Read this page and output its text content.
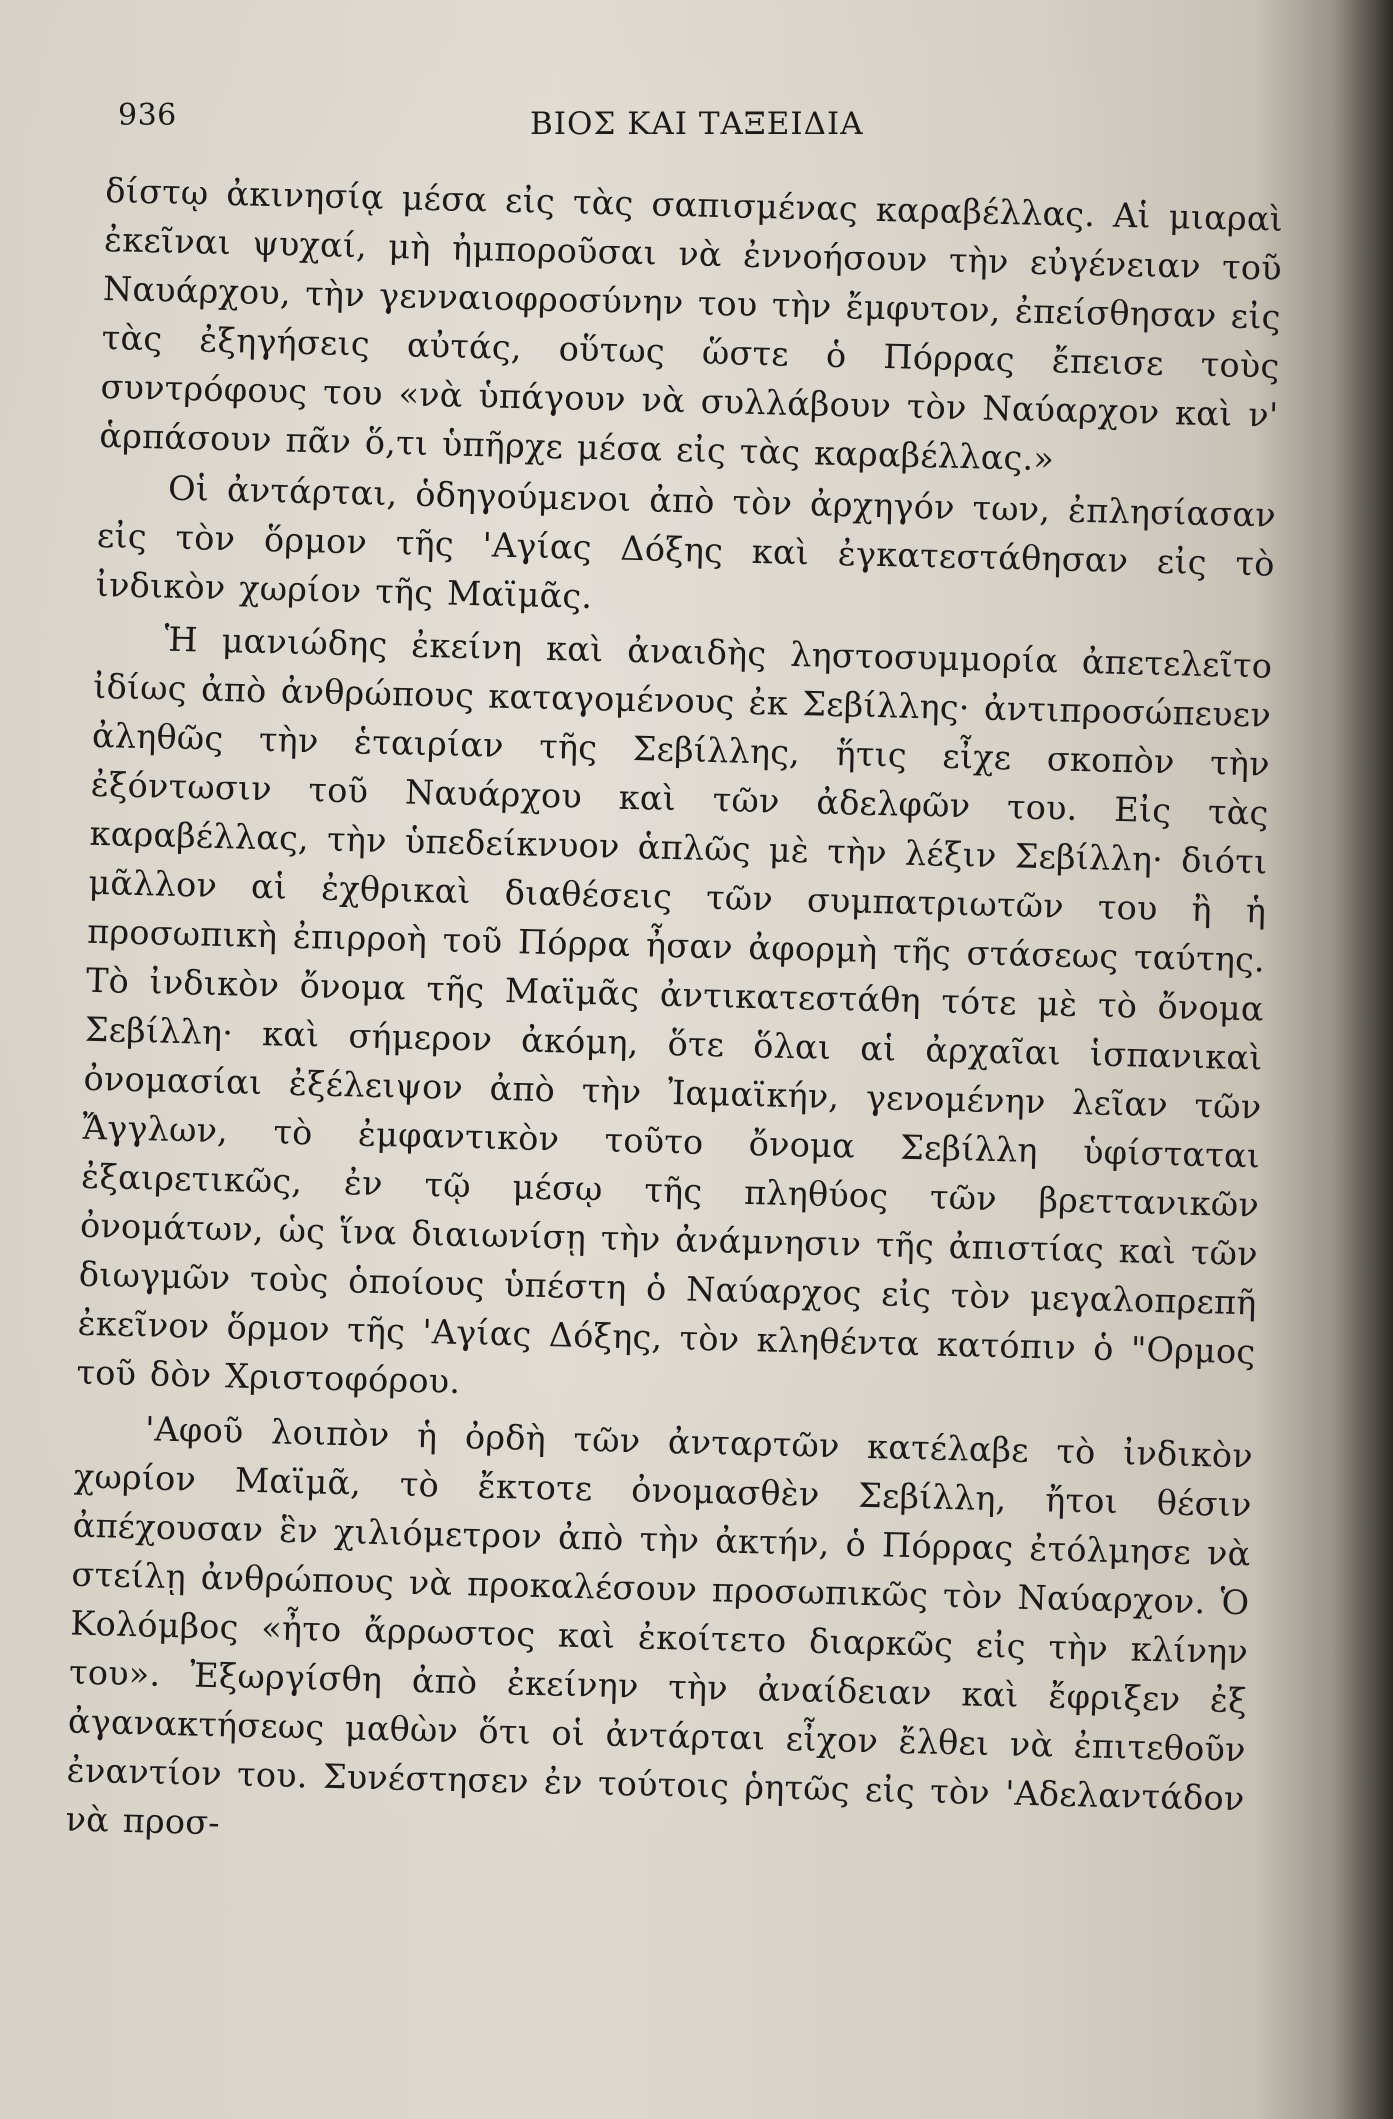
936	ΒΙΟΣ ΚΑΙ ΤΑΞΕΙΔΙΑ

δίστῳ ἀκινησίᾳ μέσα εἰς τὰς σαπισμένας καραβέλλας. Αἱ μιαραὶ ἐκεῖναι ψυχαί, μὴ ἠμποροῦσαι νὰ ἐννοήσουν τὴν εὐγένειαν τοῦ Ναυάρχου, τὴν γενναιοφροσύνην του τὴν ἔμφυτον, ἐπείσθησαν εἰς τὰς ἐξηγήσεις αὐτάς, οὕτως ὥστε ὁ Πόρρας ἔπεισε τοὺς συντρόφους του «νὰ ὑπάγουν νὰ συλλάβουν τὸν Ναύαρχον καὶ ν' ἁρπάσουν πᾶν ὅ,τι ὑπῆρχε μέσα εἰς τὰς καραβέλλας.»

Οἱ ἀντάρται, ὁδηγούμενοι ἀπὸ τὸν ἀρχηγόν των, ἐπλησίασαν εἰς τὸν ὅρμον τῆς 'Αγίας Δόξης καὶ ἐγκατεστάθησαν εἰς τὸ ἰνδικὸν χωρίον τῆς Μαϊμᾶς.

Ἡ μανιώδης ἐκείνη καὶ ἀναιδὴς ληστοσυμμορία ἀπετελεῖτο ἰδίως ἀπὸ ἀνθρώπους καταγομένους ἐκ Σεβίλλης· ἀντιπροσώπευεν ἀληθῶς τὴν ἑταιρίαν τῆς Σεβίλλης, ἥτις εἶχε σκοπὸν τὴν ἐξόντωσιν τοῦ Ναυάρχου καὶ τῶν ἀδελφῶν του. Εἰς τὰς καραβέλλας, τὴν ὑπεδείκνυον ἁπλῶς μὲ τὴν λέξιν Σεβίλλη· διότι μᾶλλον αἱ ἐχθρικαὶ διαθέσεις τῶν συμπατριωτῶν του ἢ ἡ προσωπικὴ ἐπιρροὴ τοῦ Πόρρα ἦσαν ἀφορμὴ τῆς στάσεως ταύτης. Τὸ ἰνδικὸν ὄνομα τῆς Μαϊμᾶς ἀντικατεστάθη τότε μὲ τὸ ὄνομα Σεβίλλη· καὶ σήμερον ἀκόμη, ὅτε ὅλαι αἱ ἀρχαῖαι ἱσπανικαὶ ὀνομασίαι ἐξέλειψον ἀπὸ τὴν Ἰαμαϊκήν, γενομένην λεῖαν τῶν Ἄγγλων, τὸ ἐμφαντικὸν τοῦτο ὄνομα Σεβίλλη ὑφίσταται ἐξαιρετικῶς, ἐν τῷ μέσῳ τῆς πληθύος τῶν βρεττανικῶν ὀνομάτων, ὡς ἵνα διαιωνίσῃ τὴν ἀνάμνησιν τῆς ἀπιστίας καὶ τῶν διωγμῶν τοὺς ὁποίους ὑπέστη ὁ Ναύαρχος εἰς τὸν μεγαλοπρεπῆ ἐκεῖνον ὅρμον τῆς 'Αγίας Δόξης, τὸν κληθέντα κατόπιν ὁ "Ορμος τοῦ δὸν Χριστοφόρου.

'Αφοῦ λοιπὸν ἡ ὀρδὴ τῶν ἀνταρτῶν κατέλαβε τὸ ἰνδικὸν χωρίον Μαϊμᾶ, τὸ ἔκτοτε ὀνομασθὲν Σεβίλλη, ἤτοι θέσιν ἀπέχουσαν ἓν χιλιόμετρον ἀπὸ τὴν ἀκτήν, ὁ Πόρρας ἐτόλμησε νὰ στείλῃ ἀνθρώπους νὰ προκαλέσουν προσωπικῶς τὸν Ναύαρχον. Ὁ Κολόμβος «ἦτο ἄρρωστος καὶ ἐκοίτετο διαρκῶς εἰς τὴν κλίνην του». Ἐξωργίσθη ἀπὸ ἐκείνην τὴν ἀναίδειαν καὶ ἔφριξεν ἐξ ἀγανακτήσεως μαθὼν ὅτι οἱ ἀντάρται εἶχον ἔλθει νὰ ἐπιτεθοῦν ἐναντίον του. Συνέστησεν ἐν τούτοις ῥητῶς εἰς τὸν 'Αδελαντάδον νὰ προσ-
